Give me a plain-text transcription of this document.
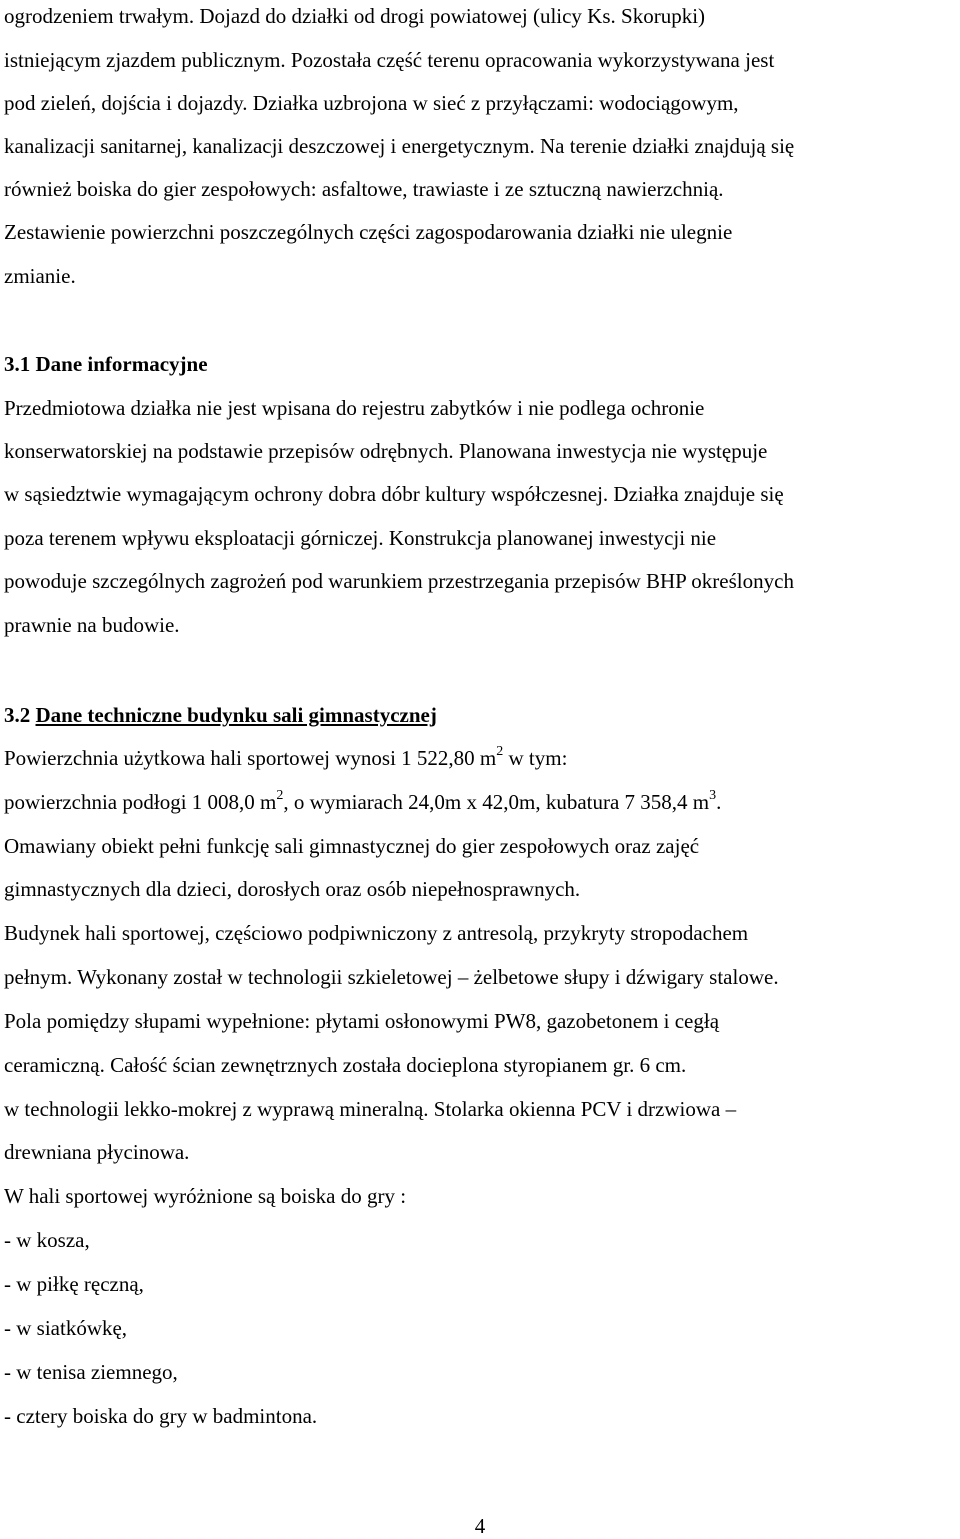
ogrodzeniem trwałym. Dojazd do działki od drogi powiatowej (ulicy Ks. Skorupki)
istniejącym zjazdem publicznym. Pozostała część terenu opracowania wykorzystywana jest
pod zieleń, dojścia i dojazdy. Działka uzbrojona w sieć z przyłączami: wodociągowym,
kanalizacji sanitarnej, kanalizacji deszczowej i energetycznym. Na terenie działki znajdują się
również boiska do gier zespołowych: asfaltowe, trawiaste i ze sztuczną nawierzchnią.
Zestawienie powierzchni poszczególnych części zagospodarowania działki nie ulegnie
zmianie.
3.1 Dane informacyjne
Przedmiotowa działka nie jest wpisana do rejestru zabytków i nie podlega ochronie
konserwatorskiej na podstawie przepisów odrębnych. Planowana inwestycja nie występuje
w sąsiedztwie wymagającym ochrony dobra dóbr kultury współczesnej. Działka znajduje się
poza terenem wpływu eksploatacji górniczej. Konstrukcja planowanej inwestycji nie
powoduje szczególnych zagrożeń pod warunkiem przestrzegania przepisów BHP określonych
prawnie na budowie.
3.2 Dane techniczne budynku sali gimnastycznej
Powierzchnia użytkowa hali sportowej wynosi 1 522,80 $m^2$ w tym:
powierzchnia podłogi 1 008,0 $m^2$, o wymiarach 24,0m x 42,0m, kubatura 7 358,4 $m^3$.
Omawiany obiekt pełni funkcję sali gimnastycznej do gier zespołowych oraz zajęć
gimnastycznych dla dzieci, dorosłych oraz osób niepełnosprawnych.
Budynek hali sportowej, częściowo podpiwniczony z antresolą, przykryty stropodachem
pełnym. Wykonany został w technologii szkieletowej – żelbetowe słupy i dźwigary stalowe.
Pola pomiędzy słupami wypełnione: płytami osłonowymi PW8, gazobetonem i cegłą
ceramiczną. Całość ścian zewnętrznych została docieplona styropianem gr. 6 cm.
w technologii lekko-mokrej z wyprawą mineralną. Stolarka okienna PCV i drzwiowa –
drewniana płycinowa.
W hali sportowej wyróżnione są boiska do gry :
- w kosza,
- w piłkę ręczną,
- w siatkówkę,
- w tenisa ziemnego,
- cztery boiska do gry w badmintona.
4
